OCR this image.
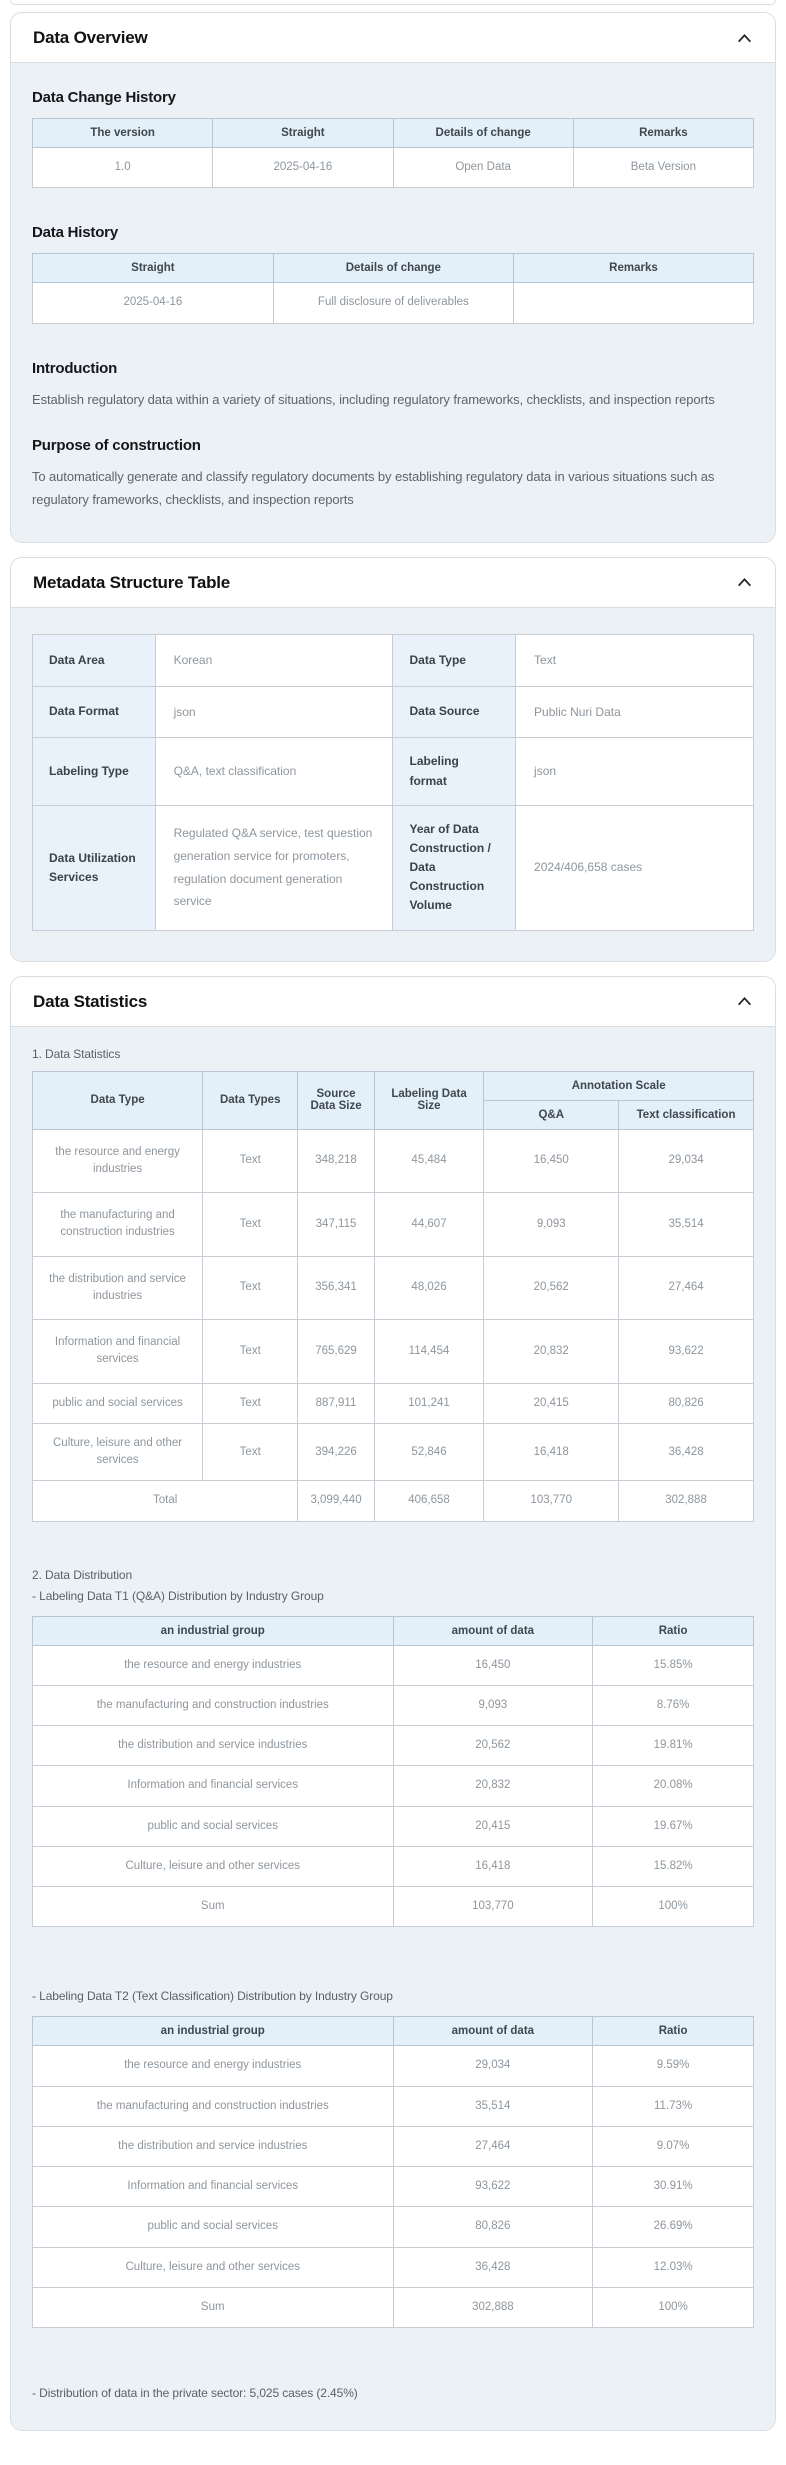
Data Overview
Data Change History
The version	Straight	Details of change	Remarks
1.0	2025-04-16	Open Data	Beta Version
Data History
Straight	Details of change	Remarks
2025-04-16	Full disclosure of deliverables	
Introduction

Establish regulatory data within a variety of situations, including regulatory frameworks, checklists, and inspection reports

Purpose of construction

To automatically generate and classify regulatory documents by establishing regulatory data in various situations such as regulatory frameworks, checklists, and inspection reports

Metadata Structure Table
Data Area	Korean	Data Type	Text
Data Format	json	Data Source	Public Nuri Data
Labeling Type	Q&A, text classification	Labeling format	json
Data Utilization Services	Regulated Q&A service, test question generation service for promoters, regulation document generation service	Year of Data Construction / Data Construction Volume	2024/406,658 cases
Data Statistics
1. Data Statistics
Data Type	Data Types	Source Data Size	Labeling Data Size	Annotation Scale	
				Q&A	Text classification
the resource and energy industries	Text	348,218	45,484	16,450	29,034
the manufacturing and construction industries	Text	347,115	44,607	9,093	35,514
the distribution and service industries	Text	356,341	48,026	20,562	27,464
Information and financial services	Text	765,629	114,454	20,832	93,622
public and social services	Text	887,911	101,241	20,415	80,826
Culture, leisure and other services	Text	394,226	52,846	16,418	36,428
Total		3,099,440	406,658	103,770	302,888
2. Data Distribution
- Labeling Data T1 (Q&A) Distribution by Industry Group
an industrial group	amount of data	Ratio
the resource and energy industries	16,450	15.85%
the manufacturing and construction industries	9,093	8.76%
the distribution and service industries	20,562	19.81%
Information and financial services	20,832	20.08%
public and social services	20,415	19.67%
Culture, leisure and other services	16,418	15.82%
Sum	103,770	100%
- Labeling Data T2 (Text Classification) Distribution by Industry Group
an industrial group	amount of data	Ratio
the resource and energy industries	29,034	9.59%
the manufacturing and construction industries	35,514	11.73%
the distribution and service industries	27,464	9.07%
Information and financial services	93,622	30.91%
public and social services	80,826	26.69%
Culture, leisure and other services	36,428	12.03%
Sum	302,888	100%
- Distribution of data in the private sector: 5,025 cases (2.45%)
